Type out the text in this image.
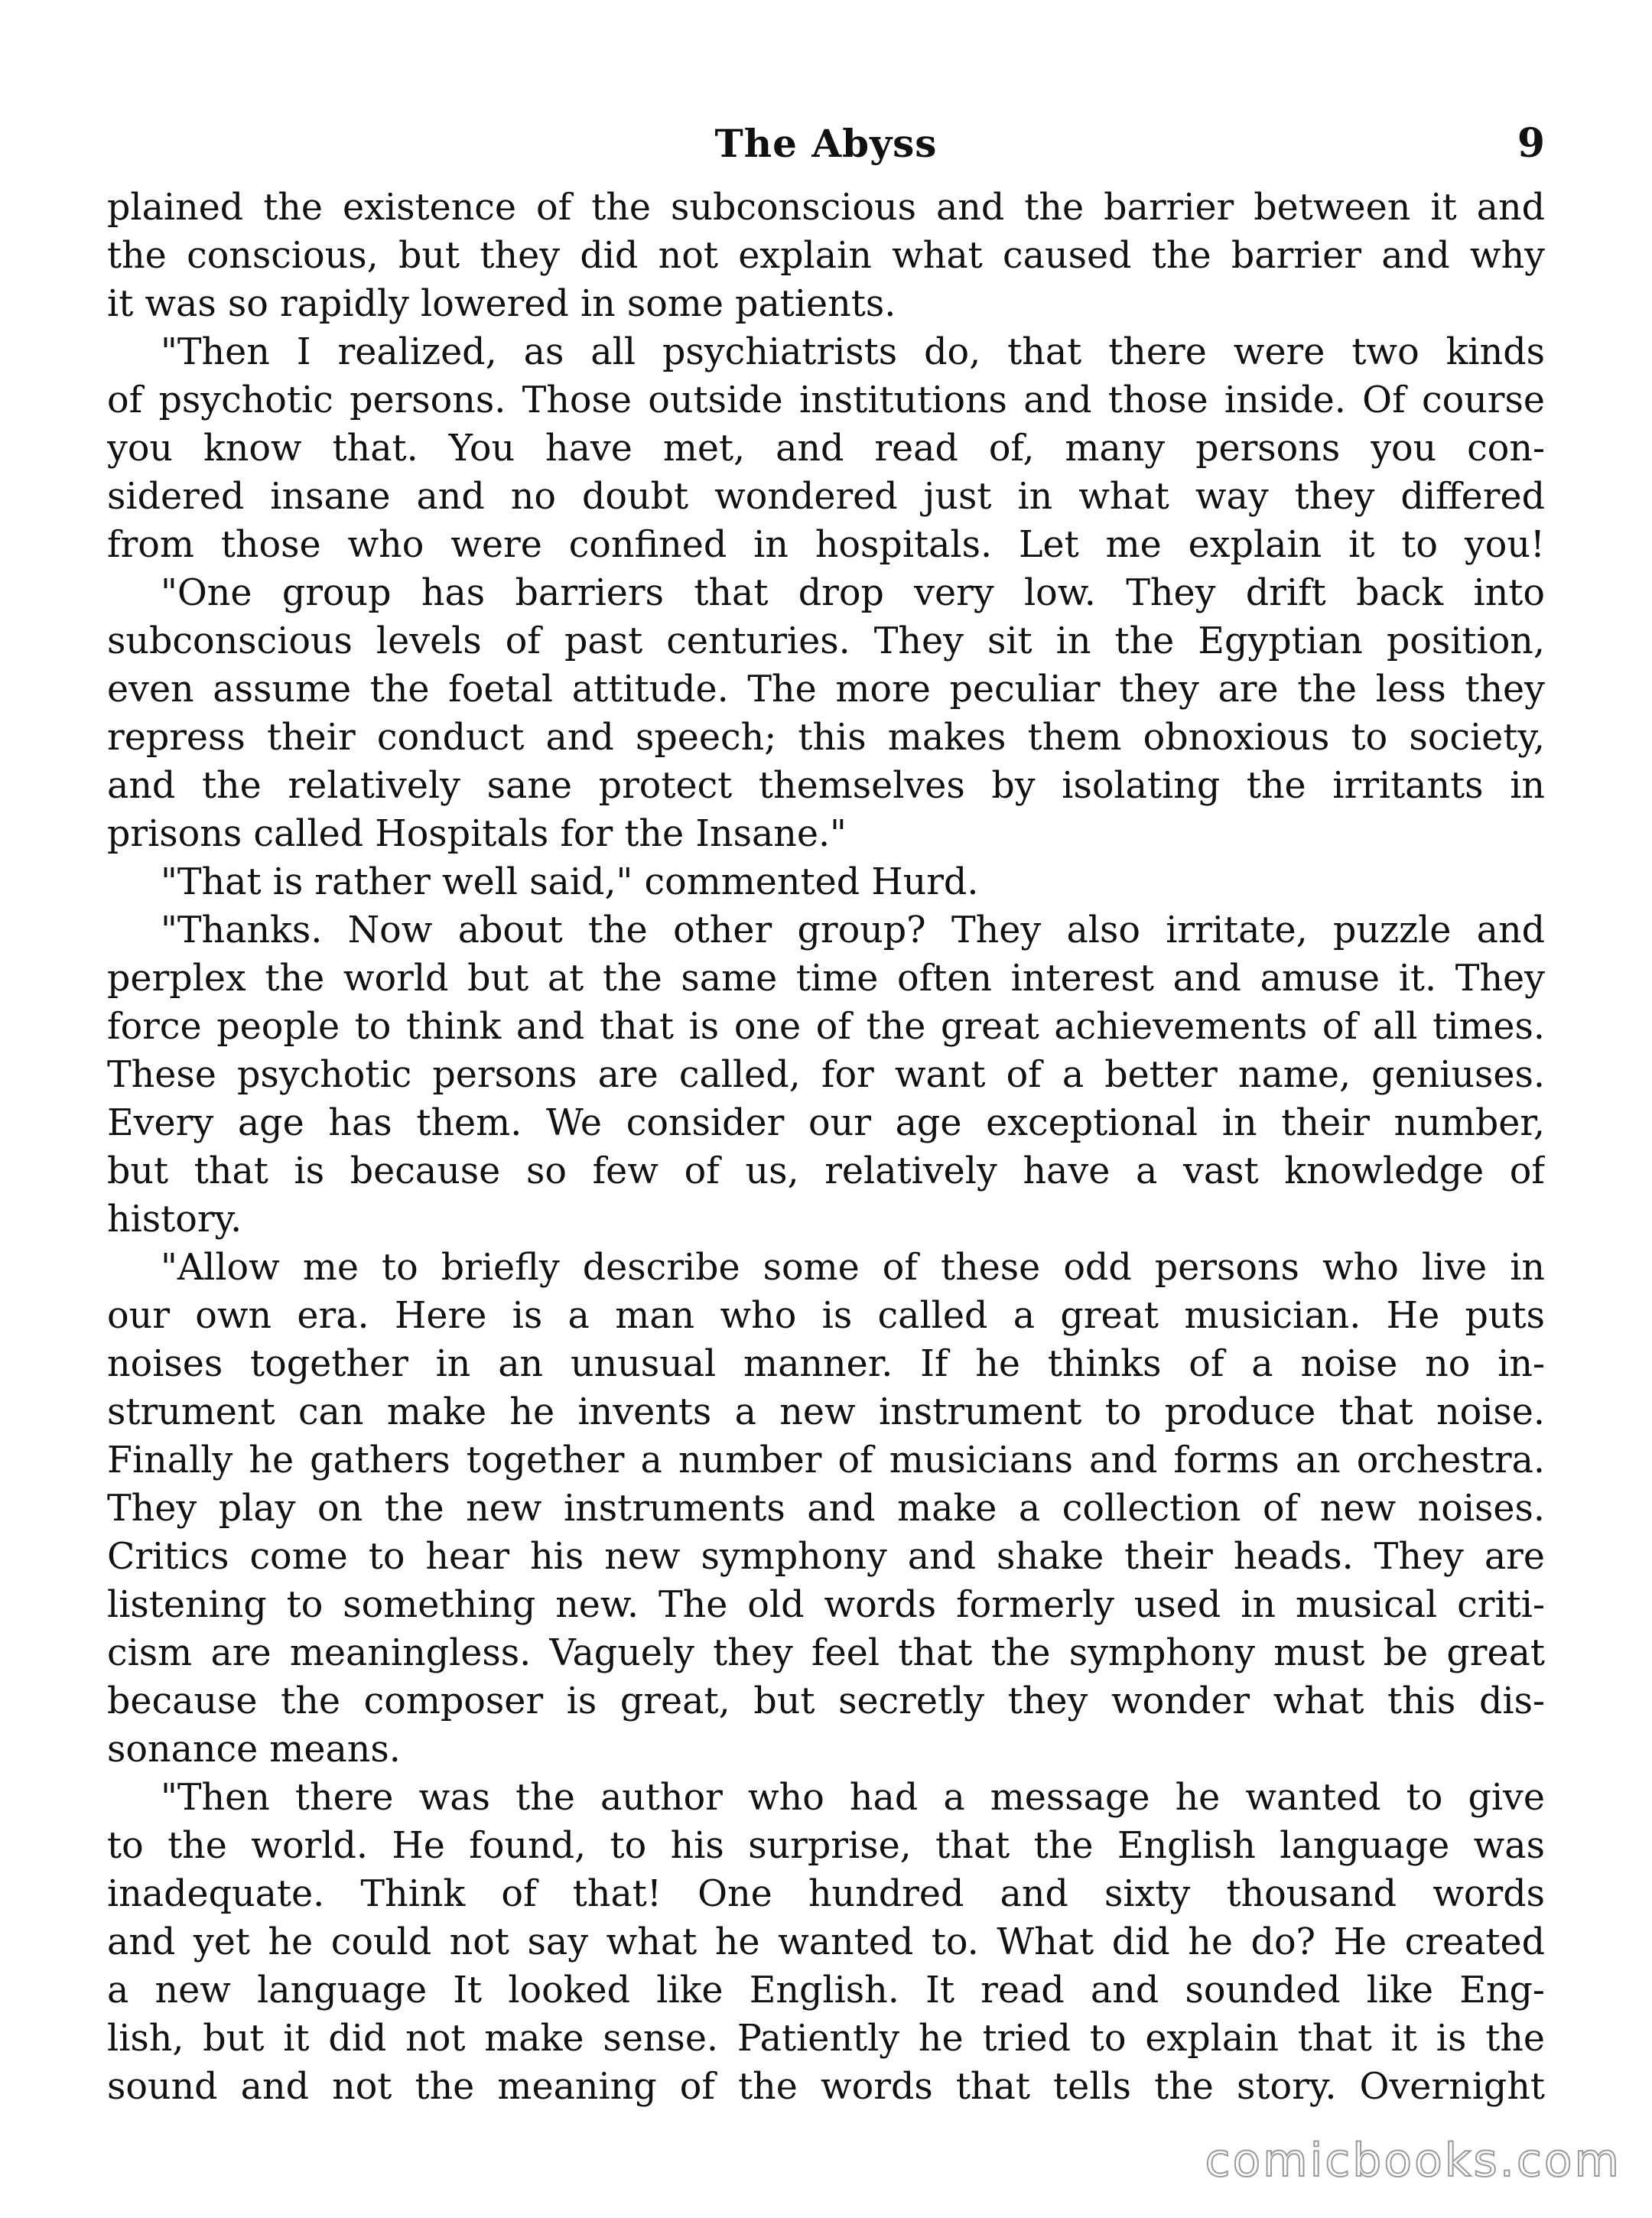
The Abyss	9
plained the existence of the subconscious and the barrier between it and
the conscious, but they did not explain what caused the barrier and why
it was so rapidly lowered in some patients.
"Then I realized, as all psychiatrists do, that there were two kinds
of psychotic persons. Those outside institutions and those inside. Of course
you know that. You have met, and read of, many persons you con-
sidered insane and no doubt wondered just in what way they differed
from those who were confined in hospitals. Let me explain it to you!
"One group has barriers that drop very low. They drift back into
subconscious levels of past centuries. They sit in the Egyptian position,
even assume the foetal attitude. The more peculiar they are the less they
repress their conduct and speech; this makes them obnoxious to society,
and the relatively sane protect themselves by isolating the irritants in
prisons called Hospitals for the Insane."
"That is rather well said," commented Hurd.
"Thanks. Now about the other group? They also irritate, puzzle and
perplex the world but at the same time often interest and amuse it. They
force people to think and that is one of the great achievements of all times.
These psychotic persons are called, for want of a better name, geniuses.
Every age has them. We consider our age exceptional in their number,
but that is because so few of us, relatively have a vast knowledge of
history.
"Allow me to briefly describe some of these odd persons who live in
our own era. Here is a man who is called a great musician. He puts
noises together in an unusual manner. If he thinks of a noise no in-
strument can make he invents a new instrument to produce that noise.
Finally he gathers together a number of musicians and forms an orchestra.
They play on the new instruments and make a collection of new noises.
Critics come to hear his new symphony and shake their heads. They are
listening to something new. The old words formerly used in musical criti-
cism are meaningless. Vaguely they feel that the symphony must be great
because the composer is great, but secretly they wonder what this dis-
sonance means.
"Then there was the author who had a message he wanted to give
to the world. He found, to his surprise, that the English language was
inadequate. Think of that! One hundred and sixty thousand words
and yet he could not say what he wanted to. What did he do? He created
a new language It looked like English. It read and sounded like Eng-
lish, but it did not make sense. Patiently he tried to explain that it is the
sound and not the meaning of the words that tells the story. Overnight
comicbooks.com
